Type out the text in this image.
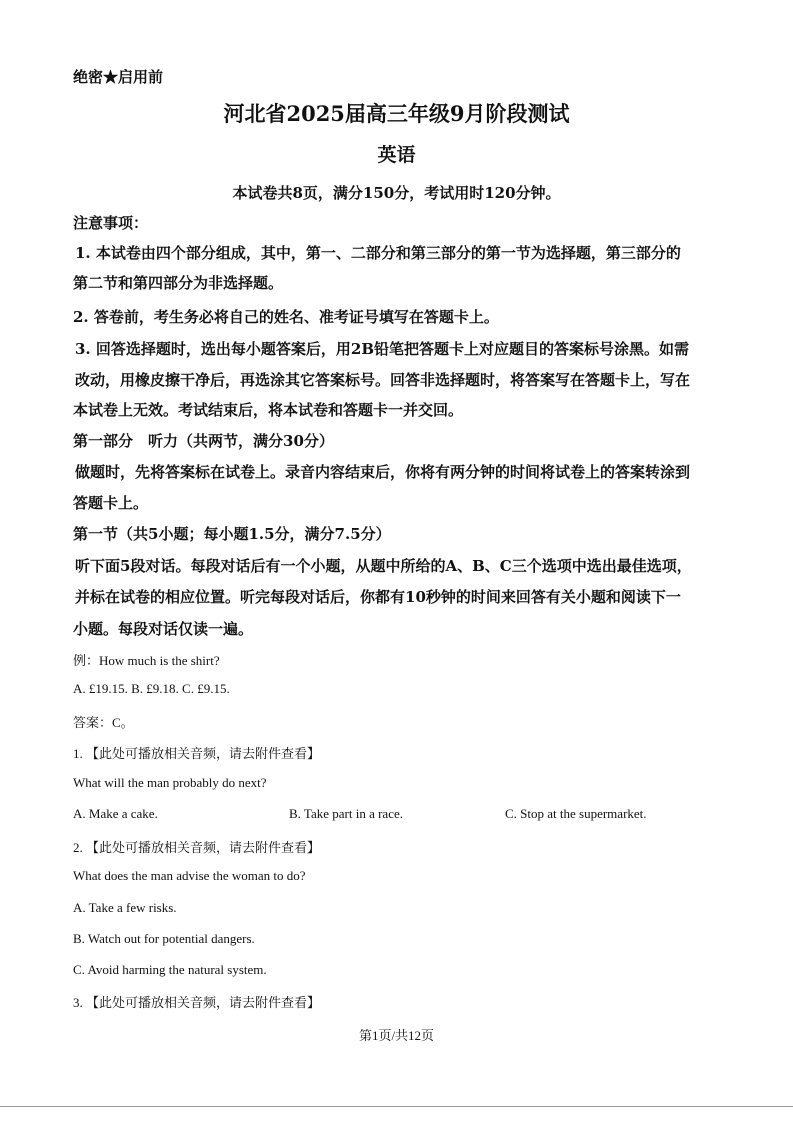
绝密★启用前
河北省2025届高三年级9月阶段测试
英语
本试卷共8页，满分150分，考试用时120分钟。
注意事项：
1. 本试卷由四个部分组成，其中，第一、二部分和第三部分的第一节为选择题，第三部分的
第二节和第四部分为非选择题。
2. 答卷前，考生务必将自己的姓名、准考证号填写在答题卡上。
3. 回答选择题时，选出每小题答案后，用2B铅笔把答题卡上对应题目的答案标号涂黑。如需
改动，用橡皮擦干净后，再选涂其它答案标号。回答非选择题时，将答案写在答题卡上，写在
本试卷上无效。考试结束后，将本试卷和答题卡一并交回。
第一部分　听力（共两节，满分30分）
做题时，先将答案标在试卷上。录音内容结束后，你将有两分钟的时间将试卷上的答案转涂到
答题卡上。
第一节（共5小题；每小题1.5分，满分7.5分）
听下面5段对话。每段对话后有一个小题，从题中所给的A、B、C三个选项中选出最佳选项，
并标在试卷的相应位置。听完每段对话后，你都有10秒钟的时间来回答有关小题和阅读下一
小题。每段对话仅读一遍。
例：How much is the shirt?
A. £19.15. B. £9.18. C. £9.15.
答案：C。
1. 【此处可播放相关音频，请去附件查看】
What will the man probably do next?
A. Make a cake.	B. Take part in a race.	C. Stop at the supermarket.
2. 【此处可播放相关音频，请去附件查看】
What does the man advise the woman to do?
A. Take a few risks.
B. Watch out for potential dangers.
C. Avoid harming the natural system.
3. 【此处可播放相关音频，请去附件查看】
第1页/共12页
